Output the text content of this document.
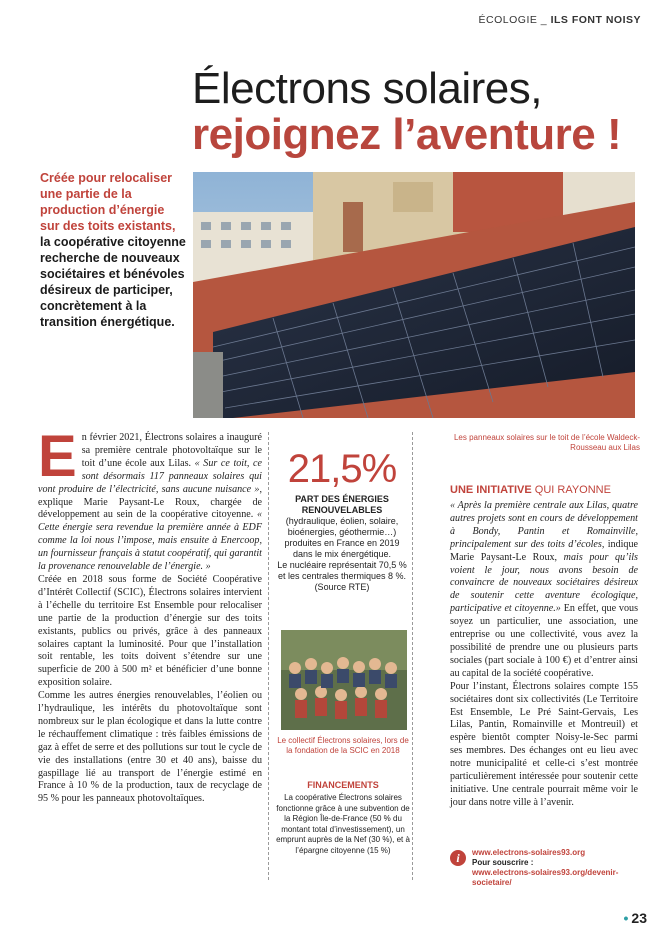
ÉCOLOGIE _ ILS FONT NOISY
Électrons solaires,
rejoignez l’aventure !
Créée pour relocaliser une partie de la production d’énergie sur des toits existants, la coopérative citoyenne recherche de nouveaux sociétaires et bénévoles désireux de participer, concrètement à la transition énergétique.
Les panneaux solaires sur le toit de l’école Waldeck-Rousseau aux Lilas
E n février 2021, Électrons solaires a inauguré sa première centrale photovoltaïque sur le toit d’une école aux Lilas. « Sur ce toit, ce sont désormais 117 panneaux solaires qui vont produire de l’électricité, sans aucune nuisance », explique Marie Paysant-Le Roux, chargée de développement au sein de la coopérative citoyenne. « Cette énergie sera revendue la première année à EDF comme la loi nous l’impose, mais ensuite à Enercoop, un fournisseur français à statut coopératif, qui garantit la provenance renouvelable de l’énergie. »

Créée en 2018 sous forme de Société Coopérative d’Intérêt Collectif (SCIC), Électrons solaires intervient à l’échelle du territoire Est Ensemble pour relocaliser une partie de la production d’énergie sur des toits existants, publics ou privés, grâce à des panneaux solaires captant la luminosité. Pour que l’installation soit rentable, les toits doivent s’étendre sur une superficie de 200 à 500 m² et bénéficier d’une bonne exposition solaire.

Comme les autres énergies renouvelables, l’éolien ou l’hydraulique, les intérêts du photovoltaïque sont nombreux sur le plan écologique et dans la lutte contre le réchauffement climatique : très faibles émissions de gaz à effet de serre et des pollutions sur tout le cycle de vie des installations (entre 30 et 40 ans), baisse du gaspillage lié au transport de l’énergie estimé en France à 10 % de la production, taux de recyclage de 95 % pour les panneaux photovoltaïques.

21,5%
PART DES ÉNERGIES RENOUVELABLES
(hydraulique, éolien, solaire, bioénergies, géothermie…) produites en France en 2019 dans le mix énergétique.
Le nucléaire représentait 70,5 % et les centrales thermiques 8 %.
(Source RTE)
Le collectif Électrons solaires, lors de la fondation de la SCIC en 2018
FINANCEMENTS
La coopérative Électrons solaires fonctionne grâce à une subvention de la Région Île-de-France (50 % du montant total d’investissement), un emprunt auprès de la Nef (30 %), et à l’épargne citoyenne (15 %)
UNE INITIATIVE QUI RAYONNE

« Après la première centrale aux Lilas, quatre autres projets sont en cours de développement à Bondy, Pantin et Romainville, principalement sur des toits d’écoles, indique Marie Paysant-Le Roux, mais pour qu’ils voient le jour, nous avons besoin de convaincre de nouveaux sociétaires désireux de soutenir cette aventure écologique, participative et citoyenne.» En effet, que vous soyez un particulier, une association, une entreprise ou une collectivité, vous avez la possibilité de prendre une ou plusieurs parts sociales (part sociale à 100 €) et d’entrer ainsi au capital de la société coopérative.

Pour l’instant, Électrons solaires compte 155 sociétaires dont six collectivités (Le Territoire Est Ensemble, Le Pré Saint-Gervais, Les Lilas, Pantin, Romainville et Montreuil) et espère bientôt compter Noisy-le-Sec parmi ses membres. Des échanges ont eu lieu avec notre municipalité et celle-ci s’est montrée particulièrement intéressée pour soutenir cette initiative. Une centrale pourrait même voir le jour dans notre ville à l’avenir.

i	www.electrons-solaires93.org
Pour souscrire :
www.electrons-solaires93.org/devenir-societaire/
• 23
